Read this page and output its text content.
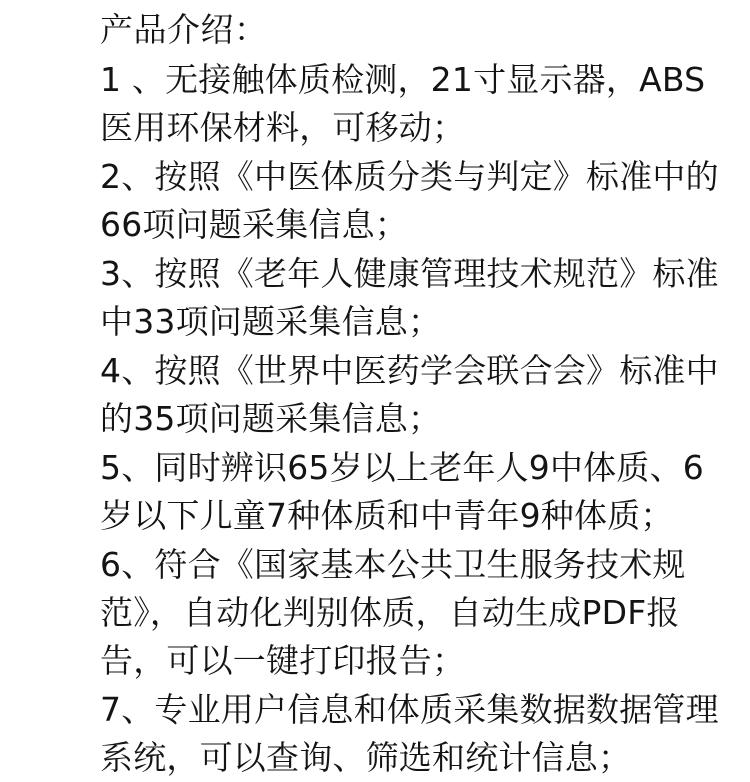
产品介绍：
1 、无接触体质检测，21寸显示器，ABS医用环保材料，可移动；
2、按照《中医体质分类与判定》标准中的66项问题采集信息；
3、按照《老年人健康管理技术规范》标准中33项问题采集信息；
4、按照《世界中医药学会联合会》标准中的35项问题采集信息；
5、同时辨识65岁以上老年人9中体质、6岁以下儿童7种体质和中青年9种体质；
6、符合《国家基本公共卫生服务技术规范》，自动化判别体质，自动生成PDF报告，可以一键打印报告；
7、专业用户信息和体质采集数据数据管理系统，可以查询、筛选和统计信息；
